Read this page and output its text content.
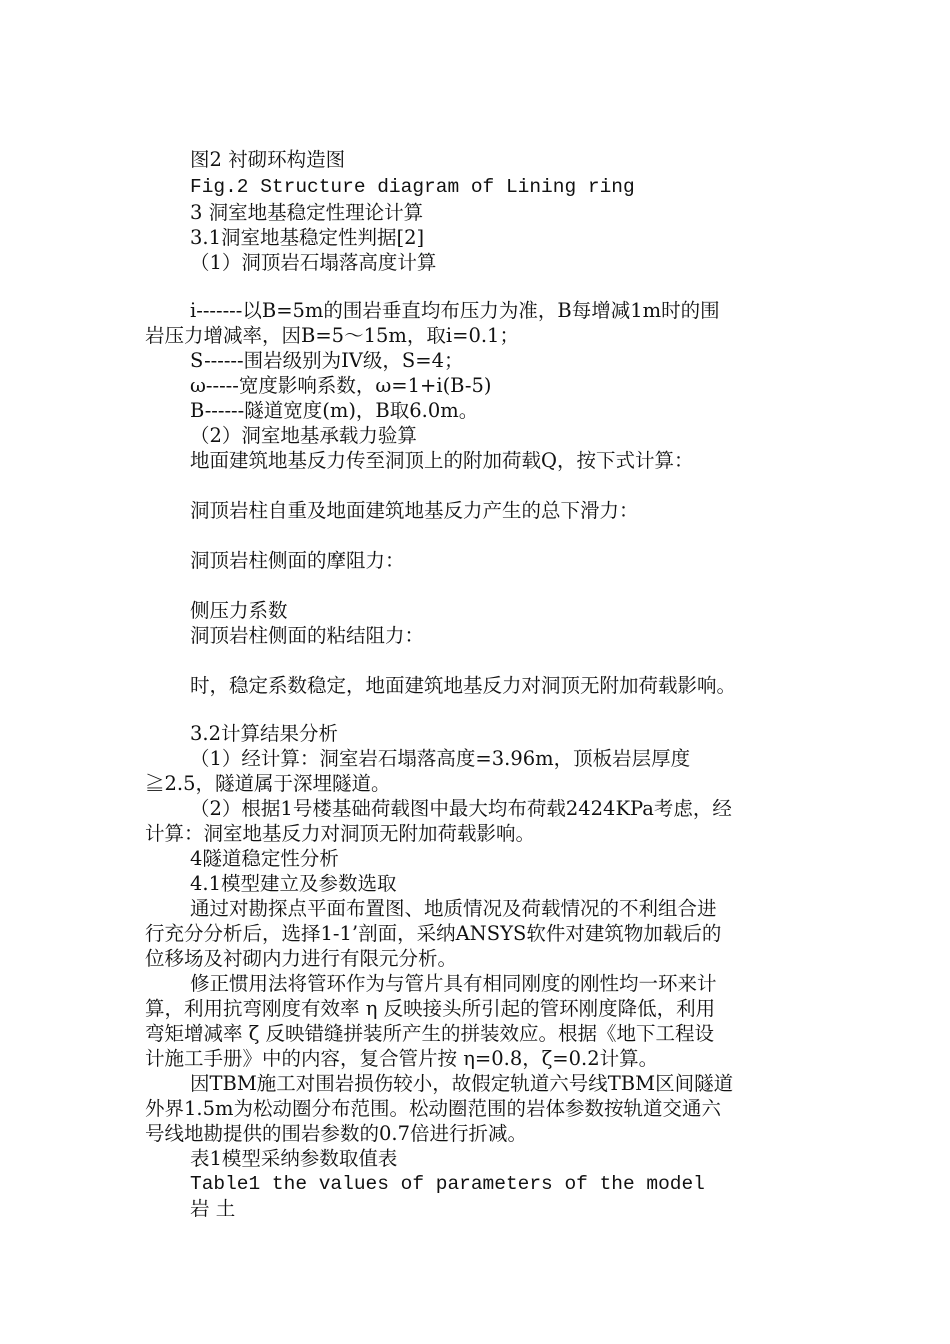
图2 衬砌环构造图
Fig.2 Structure diagram of Lining ring
3 洞室地基稳定性理论计算
3.1洞室地基稳定性判据[2]
（1）洞顶岩石塌落高度计算
i-------以B=5m的围岩垂直均布压力为准，B每增减1m时的围
岩压力增减率，因B=5～15m，取i=0.1；
S------围岩级别为IV级，S=4；
ω-----宽度影响系数，ω=1+i(B-5)
B------隧道宽度(m)，B取6.0m。
（2）洞室地基承载力验算
地面建筑地基反力传至洞顶上的附加荷载Q，按下式计算：
洞顶岩柱自重及地面建筑地基反力产生的总下滑力：
洞顶岩柱侧面的摩阻力：
侧压力系数
洞顶岩柱侧面的粘结阻力：
时，稳定系数稳定，地面建筑地基反力对洞顶无附加荷载影响。
3.2计算结果分析
（1）经计算：洞室岩石塌落高度=3.96m，顶板岩层厚度
≧2.5，隧道属于深埋隧道。
（2）根据1号楼基础荷载图中最大均布荷载2424KPa考虑，经
计算：洞室地基反力对洞顶无附加荷载影响。
4隧道稳定性分析
4.1模型建立及参数选取
通过对勘探点平面布置图、地质情况及荷载情况的不利组合进
行充分分析后，选择1-1’剖面，采纳ANSYS软件对建筑物加载后的
位移场及衬砌内力进行有限元分析。
修正惯用法将管环作为与管片具有相同刚度的刚性均一环来计
算，利用抗弯刚度有效率 η 反映接头所引起的管环刚度降低，利用
弯矩增减率 ζ 反映错缝拼装所产生的拼装效应。根据《地下工程设
计施工手册》中的内容，复合管片按 η=0.8，ζ=0.2计算。
因TBM施工对围岩损伤较小，故假定轨道六号线TBM区间隧道
外界1.5m为松动圈分布范围。松动圈范围的岩体参数按轨道交通六
号线地勘提供的围岩参数的0.7倍进行折减。
表1模型采纳参数取值表
Table1 the values of parameters of the model
岩 土
